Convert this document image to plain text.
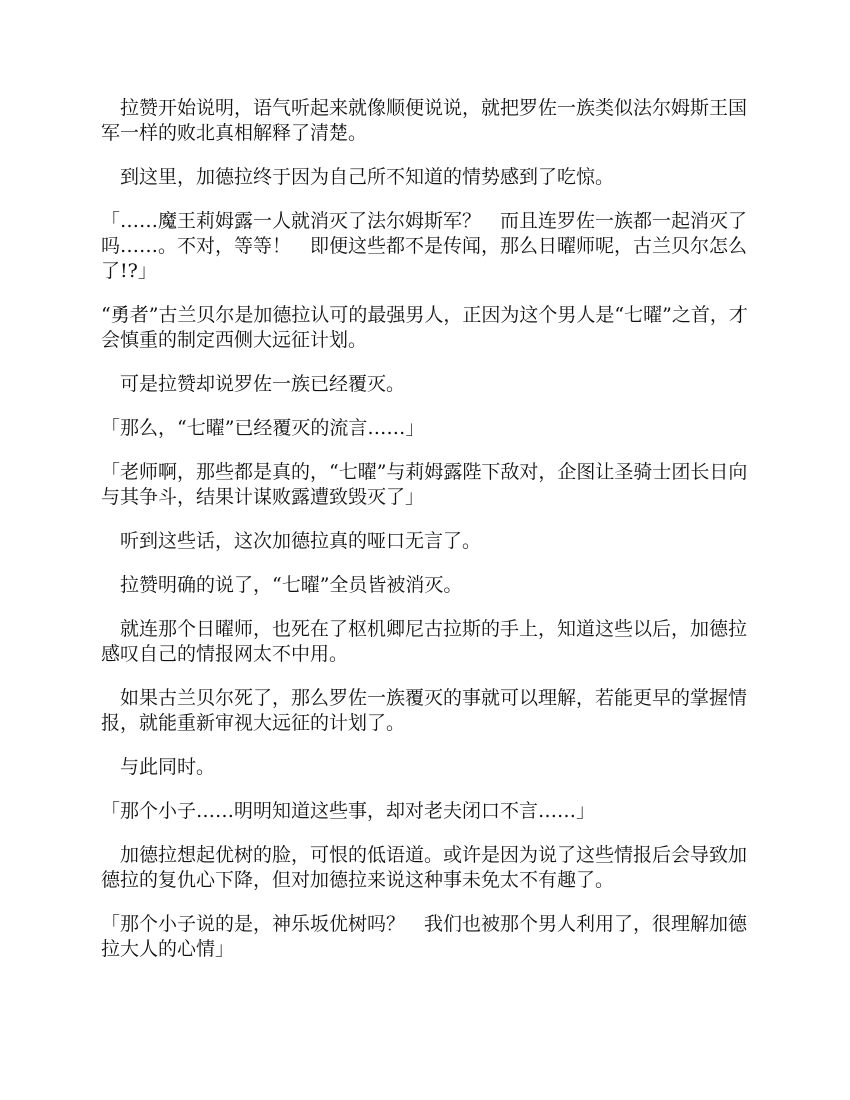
　拉赞开始说明，语气听起来就像顺便说说，就把罗佐一族类似法尔姆斯王国军一样的败北真相解释了清楚。

　到这里，加德拉终于因为自己所不知道的情势感到了吃惊。

「……魔王莉姆露一人就消灭了法尔姆斯军？　而且连罗佐一族都一起消灭了吗……。不对，等等！　即便这些都不是传闻，那么日曜师呢，古兰贝尔怎么了!?」

“勇者”古兰贝尔是加德拉认可的最强男人，正因为这个男人是“七曜”之首，才会慎重的制定西侧大远征计划。

　可是拉赞却说罗佐一族已经覆灭。

「那么，“七曜”已经覆灭的流言……」

「老师啊，那些都是真的，“七曜”与莉姆露陛下敌对，企图让圣骑士团长日向与其争斗，结果计谋败露遭致毁灭了」

　听到这些话，这次加德拉真的哑口无言了。

　拉赞明确的说了，“七曜”全员皆被消灭。

　就连那个日曜师，也死在了枢机卿尼古拉斯的手上，知道这些以后，加德拉感叹自己的情报网太不中用。

　如果古兰贝尔死了，那么罗佐一族覆灭的事就可以理解，若能更早的掌握情报，就能重新审视大远征的计划了。

　与此同时。

「那个小子……明明知道这些事，却对老夫闭口不言……」

　加德拉想起优树的脸，可恨的低语道。或许是因为说了这些情报后会导致加德拉的复仇心下降，但对加德拉来说这种事未免太不有趣了。

「那个小子说的是，神乐坂优树吗？　我们也被那个男人利用了，很理解加德拉大人的心情」
